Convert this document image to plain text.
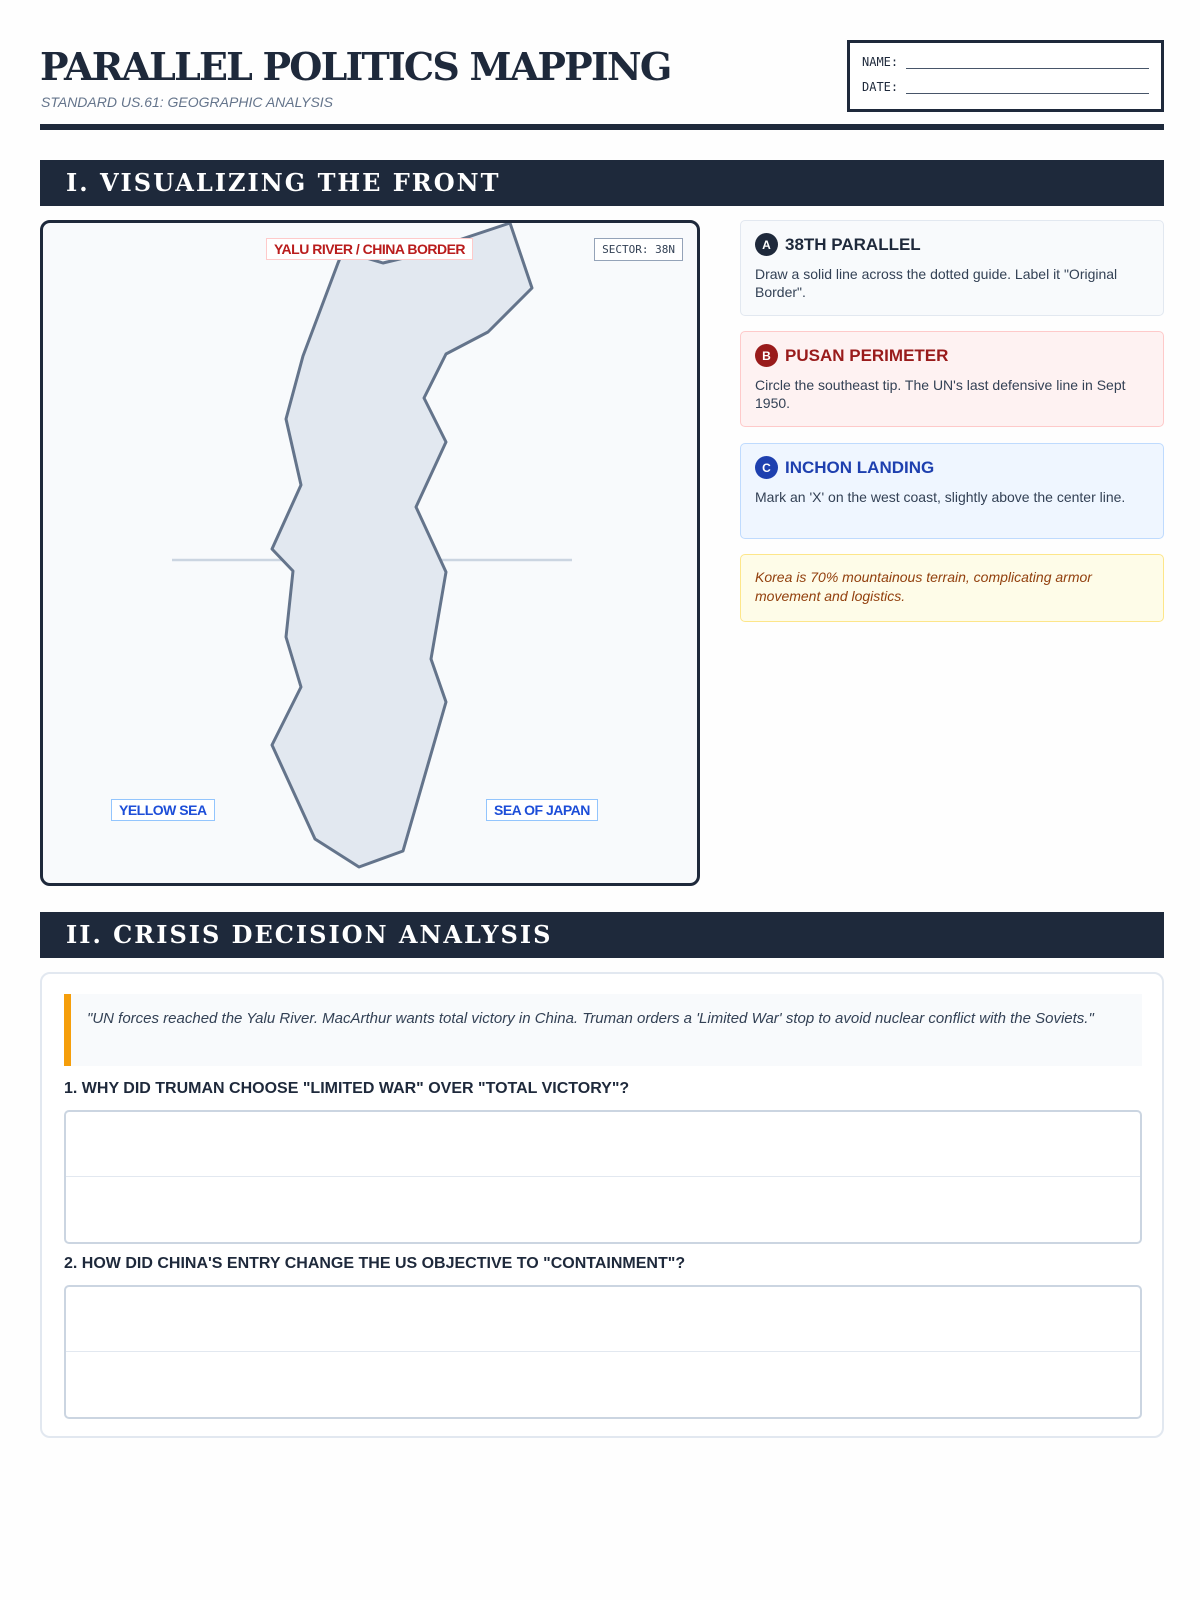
PARALLEL POLITICS MAPPING
STANDARD US.61: GEOGRAPHIC ANALYSIS
NAME:
DATE:
I. VISUALIZING THE FRONT
YALU RIVER / CHINA BORDER	SECTOR: 38N
YELLOW SEA	SEA OF JAPAN
A 38TH PARALLEL
Draw a solid line across the dotted guide. Label it "Original Border".
B PUSAN PERIMETER
Circle the southeast tip. The UN's last defensive line in Sept 1950.
C INCHON LANDING
Mark an 'X' on the west coast, slightly above the center line.
Korea is 70% mountainous terrain, complicating armor movement and logistics.
II. CRISIS DECISION ANALYSIS
"UN forces reached the Yalu River. MacArthur wants total victory in China. Truman orders a 'Limited War' stop to avoid nuclear conflict with the Soviets."
1. WHY DID TRUMAN CHOOSE "LIMITED WAR" OVER "TOTAL VICTORY"?
2. HOW DID CHINA'S ENTRY CHANGE THE US OBJECTIVE TO "CONTAINMENT"?
